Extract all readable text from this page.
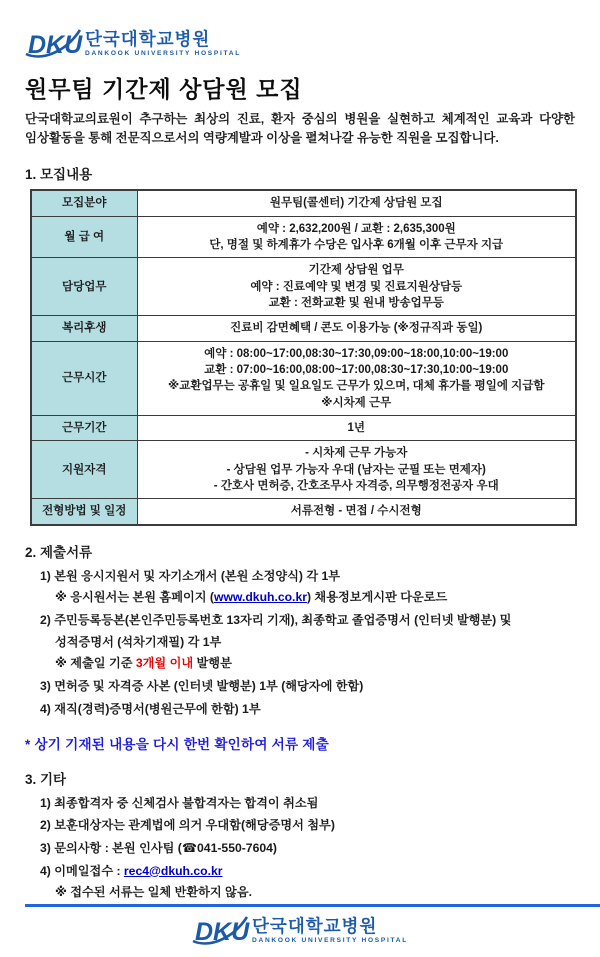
DKU 단국대학교병원
DANKOOK UNIVERSITY HOSPITAL
원무팀 기간제 상담원 모집
단국대학교의료원이 추구하는 최상의 진료, 환자 중심의 병원을 실현하고 체계적인 교육과 다양한 임상활동을 통해 전문직으로서의 역량계발과 이상을 펼쳐나갈 유능한 직원을 모집합니다.
1. 모집내용
모집분야	원무팀(콜센터) 기간제 상담원 모집

월 급 여	예약 : 2,632,200원 / 교환 : 2,635,300원
단, 명절 및 하계휴가 수당은 입사후 6개월 이후 근무자 지급

담당업무	기간제 상담원 업무
예약 : 진료예약 및 변경 및 진료지원상담등
교환 : 전화교환 및 원내 방송업무등

복리후생	진료비 감면혜택 / 콘도 이용가능 (※정규직과 동일)

근무시간	예약 : 08:00~17:00,08:30~17:30,09:00~18:00,10:00~19:00
교환 : 07:00~16:00,08:00~17:00,08:30~17:30,10:00~19:00
※교환업무는 공휴일 및 일요일도 근무가 있으며, 대체 휴가를 평일에 지급함
※시차제 근무

근무기간	1년

지원자격	- 시차제 근무 가능자
- 상담원 업무 가능자 우대 (남자는 군필 또는 면제자)
- 간호사 면허증, 간호조무사 자격증, 의무행정전공자 우대

전형방법 및 일정	서류전형 - 면접 / 수시전형
2. 제출서류
1) 본원 응시지원서 및 자기소개서 (본원 소정양식) 각 1부
※ 응시원서는 본원 홈페이지 (www.dkuh.co.kr) 채용정보게시판 다운로드
2) 주민등록등본(본인주민등록번호 13자리 기재), 최종학교 졸업증명서 (인터넷 발행분) 및
성적증명서 (석차기재필) 각 1부
※ 제출일 기준 3개월 이내 발행분
3) 면허증 및 자격증 사본 (인터넷 발행분) 1부 (해당자에 한함)
4) 재직(경력)증명서(병원근무에 한함) 1부
* 상기 기재된 내용을 다시 한번 확인하여 서류 제출
3. 기타
1) 최종합격자 중 신체검사 불합격자는 합격이 취소됨
2) 보훈대상자는 관계법에 의거 우대함(해당증명서 첨부)
3) 문의사항 : 본원 인사팀 (☎041-550-7604)
4) 이메일접수 : rec4@dkuh.co.kr
※ 접수된 서류는 일체 반환하지 않음.
DKU 단국대학교병원
DANKOOK UNIVERSITY HOSPITAL
